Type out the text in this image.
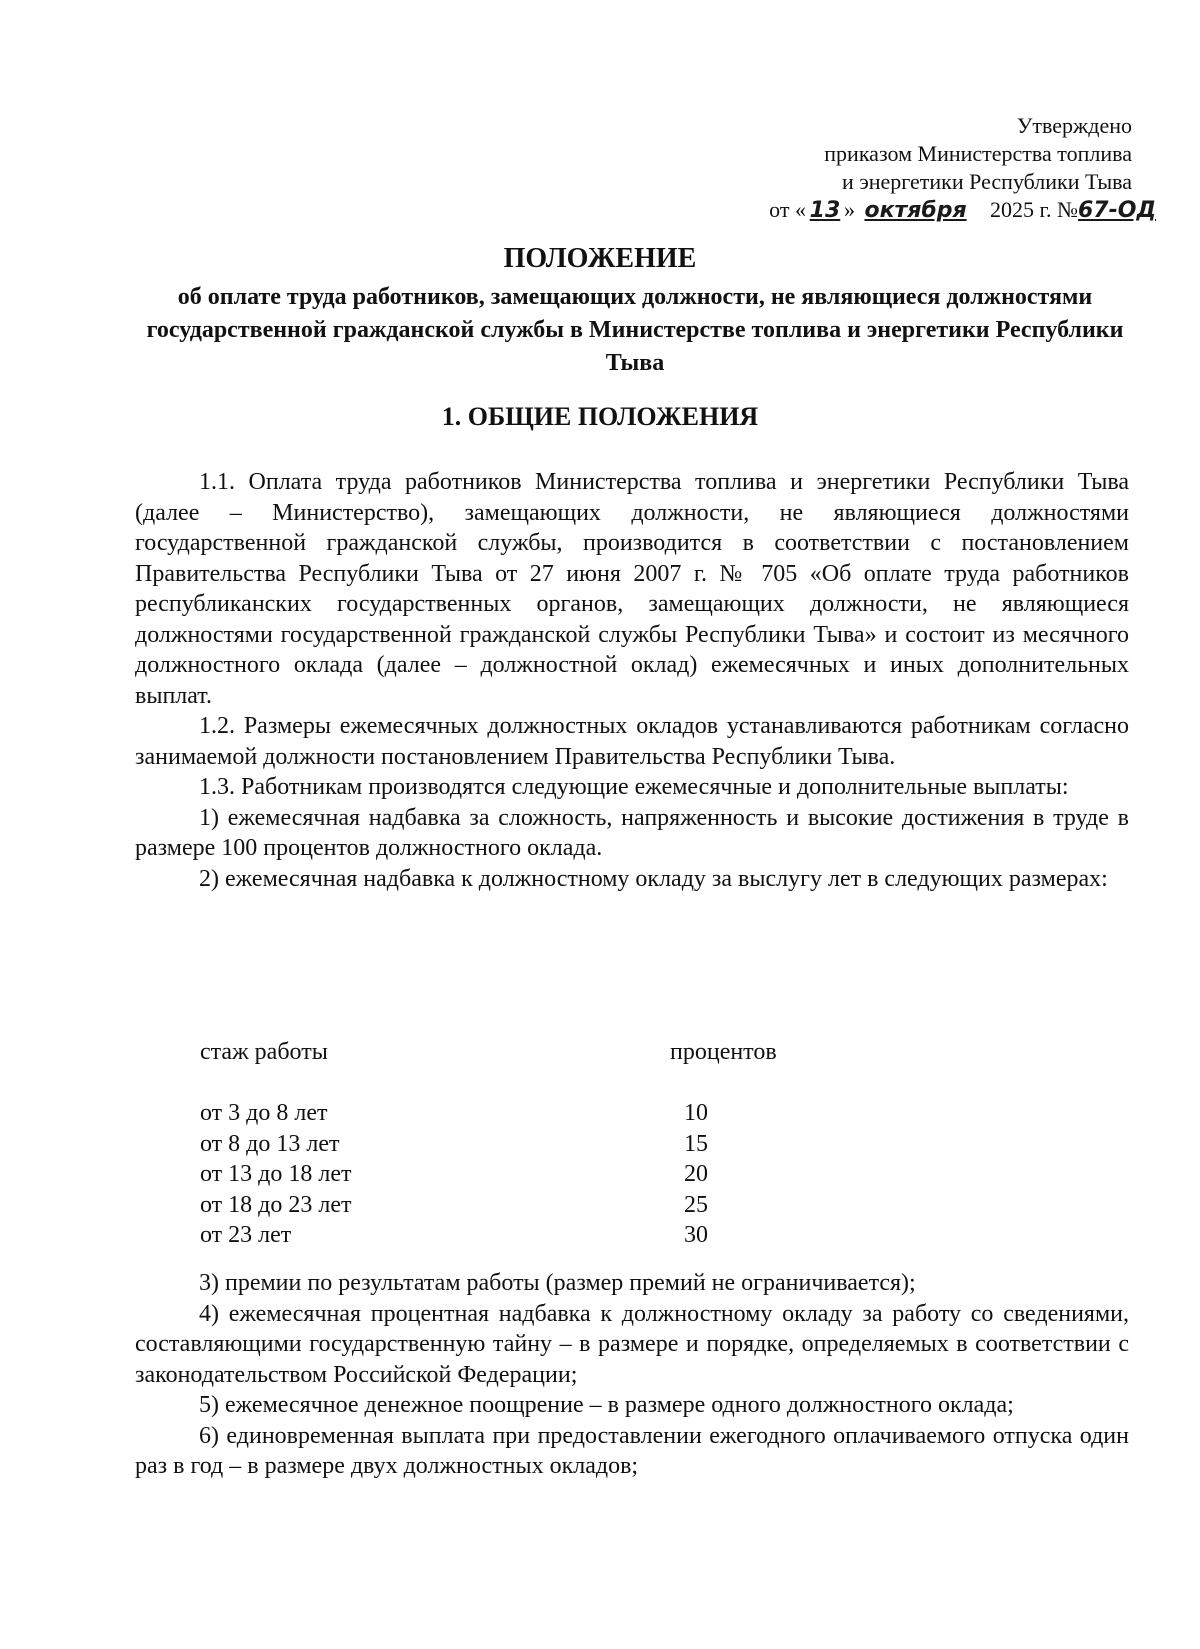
Утверждено
приказом Министерства топлива
и энергетики Республики Тыва
от « 13 » октября 2025 г. №67-ОД
ПОЛОЖЕНИЕ
об оплате труда работников, замещающих должности, не являющиеся должностями государственной гражданской службы в Министерстве топлива и энергетики Республики Тыва
1. ОБЩИЕ ПОЛОЖЕНИЯ

1.1. Оплата труда работников Министерства топлива и энергетики Республики Тыва (далее – Министерство), замещающих должности, не являющиеся должностями государственной гражданской службы, производится в соответствии с постановлением Правительства Республики Тыва от 27 июня 2007 г. № 705 «Об оплате труда работников республиканских государственных органов, замещающих должности, не являющиеся должностями государственной гражданской службы Республики Тыва» и состоит из месячного должностного оклада (далее – должностной оклад) ежемесячных и иных дополнительных выплат.

1.2. Размеры ежемесячных должностных окладов устанавливаются работникам согласно занимаемой должности постановлением Правительства Республики Тыва.

1.3. Работникам производятся следующие ежемесячные и дополнительные выплаты:

1) ежемесячная надбавка за сложность, напряженность и высокие достижения в труде в размере 100 процентов должностного оклада.

2) ежемесячная надбавка к должностному окладу за выслугу лет в следующих размерах:

стаж работы	процентов
от 3 до 8 лет	10
от 8 до 13 лет	15
от 13 до 18 лет	20
от 18 до 23 лет	25
от 23 лет	30

3) премии по результатам работы (размер премий не ограничивается);

4) ежемесячная процентная надбавка к должностному окладу за работу со сведениями, составляющими государственную тайну – в размере и порядке, определяемых в соответствии с законодательством Российской Федерации;

5) ежемесячное денежное поощрение – в размере одного должностного оклада;

6) единовременная выплата при предоставлении ежегодного оплачиваемого отпуска один раз в год – в размере двух должностных окладов;
